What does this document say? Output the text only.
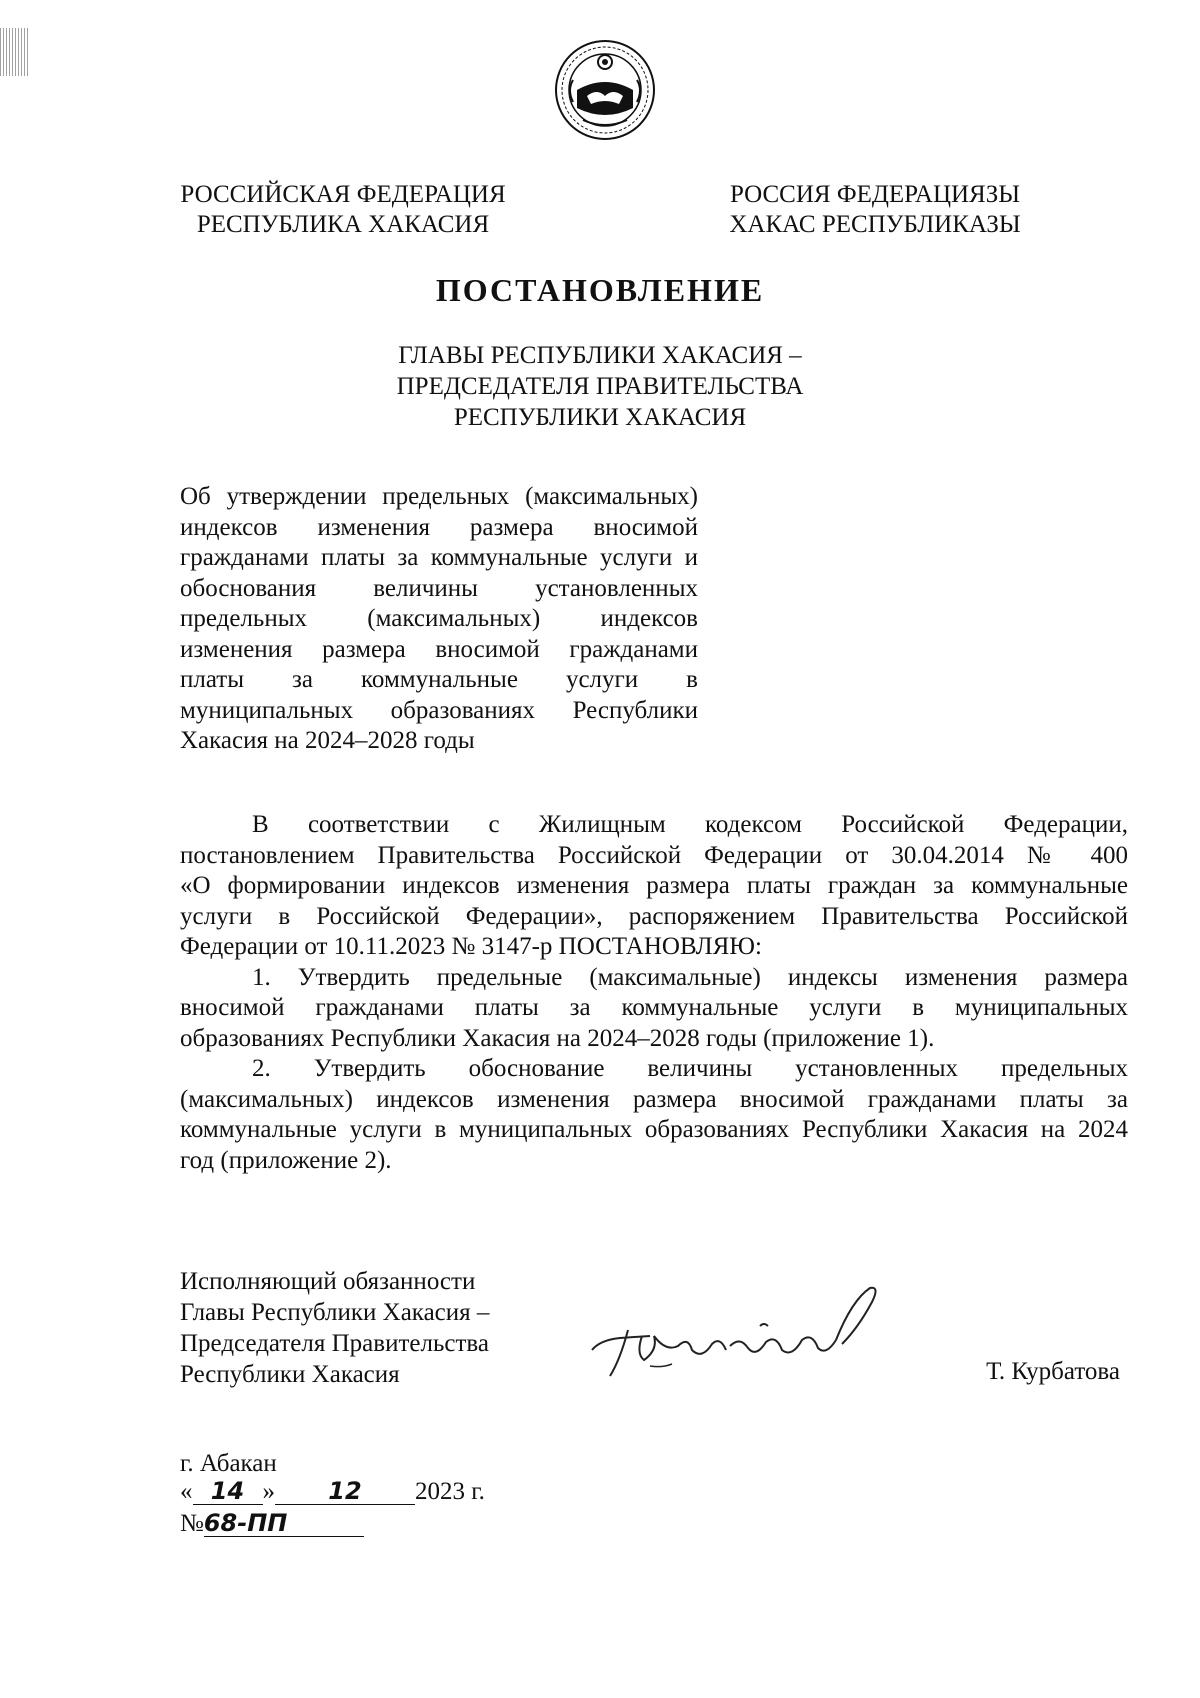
РОССИЙСКАЯ ФЕДЕРАЦИЯ
РЕСПУБЛИКА ХАКАСИЯ
РОССИЯ ФЕДЕРАЦИЯЗЫ
ХАКАС РЕСПУБЛИКАЗЫ
ПОСТАНОВЛЕНИЕ
ГЛАВЫ РЕСПУБЛИКИ ХАКАСИЯ –
ПРЕДСЕДАТЕЛЯ ПРАВИТЕЛЬСТВА
РЕСПУБЛИКИ ХАКАСИЯ
Об утверждении предельных (максимальных)
индексов изменения размера вносимой
гражданами платы за коммунальные услуги и
обоснования величины установленных
предельных (максимальных) индексов
изменения размера вносимой гражданами
платы за коммунальные услуги в
муниципальных образованиях Республики
Хакасия на 2024–2028 годы
В соответствии с Жилищным кодексом Российской Федерации,
постановлением Правительства Российской Федерации от 30.04.2014 № 400
«О формировании индексов изменения размера платы граждан за коммунальные
услуги в Российской Федерации», распоряжением Правительства Российской
Федерации от 10.11.2023 № 3147-р ПОСТАНОВЛЯЮ:
1. Утвердить предельные (максимальные) индексы изменения размера
вносимой гражданами платы за коммунальные услуги в муниципальных
образованиях Республики Хакасия на 2024–2028 годы (приложение 1).
2. Утвердить обоснование величины установленных предельных
(максимальных) индексов изменения размера вносимой гражданами платы за
коммунальные услуги в муниципальных образованиях Республики Хакасия на 2024
год (приложение 2).
Исполняющий обязанности
Главы Республики Хакасия –
Председателя Правительства
Республики Хакасия	Т. Курбатова
г. Абакан
« 14 » 12 2023 г.
№68-ПП
